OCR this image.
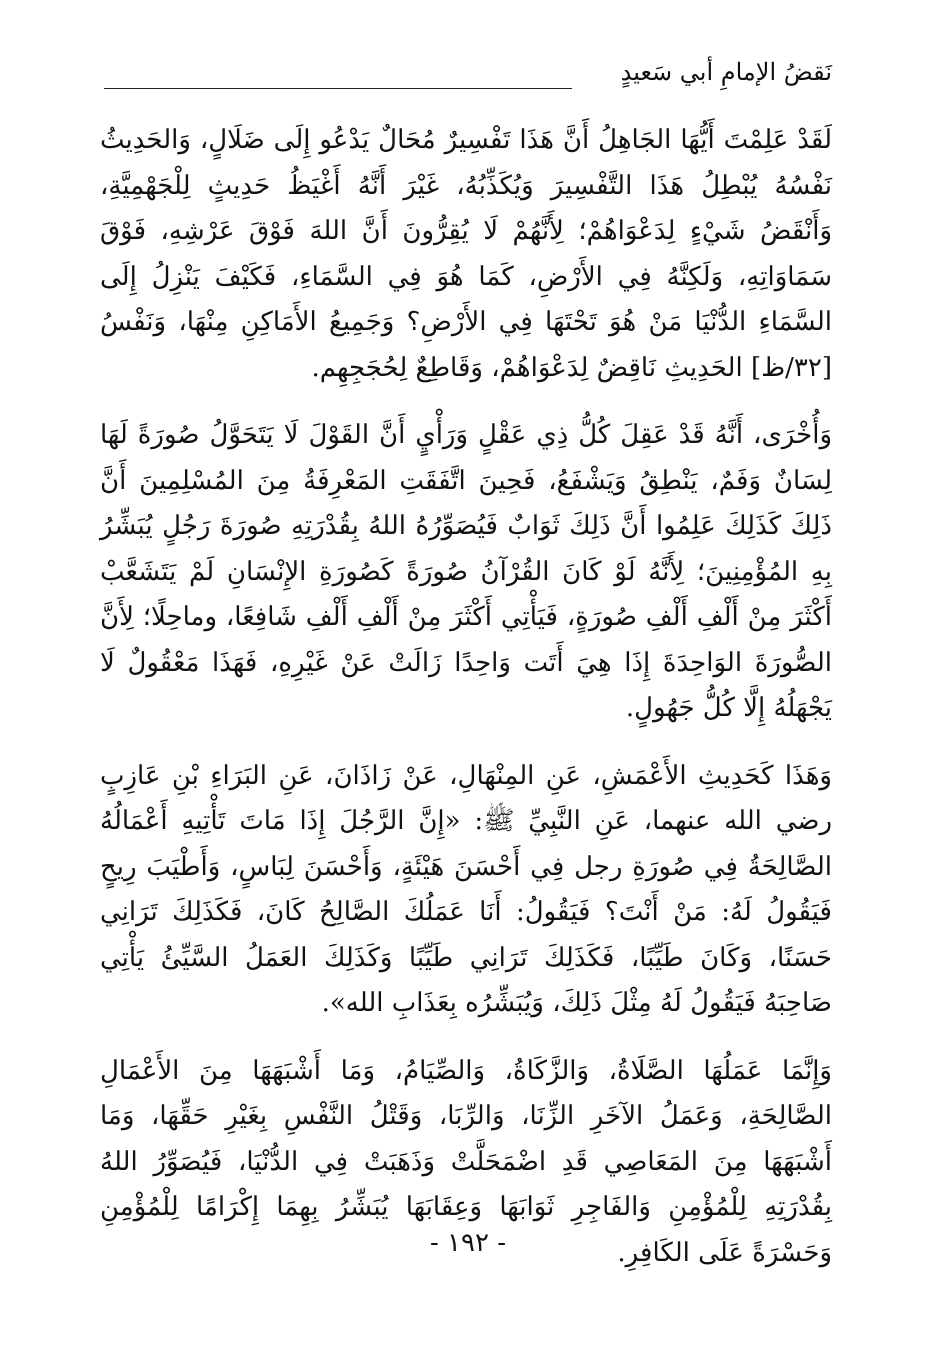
نَقضُ الإمامِ أبي سَعيدٍ

لَقَدْ عَلِمْتَ أَيُّهَا الجَاهِلُ أَنَّ هَذَا تَفْسِيرٌ مُحَالٌ يَدْعُو إِلَى ضَلَالٍ، وَالحَدِيثُ نَفْسُهُ يُبْطِلُ هَذَا التَّفْسِيرَ وَيُكَذِّبُهُ، غَيْرَ أَنَّهُ أَغْيَظُ حَدِيثٍ لِلْجَهْمِيَّةِ، وَأَنْقَضُ شَيْءٍ لِدَعْوَاهُمْ؛ لِأَنَّهُمْ لَا يُقِرُّونَ أَنَّ اللهَ فَوْقَ عَرْشِهِ، فَوْقَ سَمَاوَاتِهِ، وَلَكِنَّهُ فِي الأَرْضِ، كَمَا هُوَ فِي السَّمَاءِ، فَكَيْفَ يَنْزِلُ إِلَى السَّمَاءِ الدُّنْيَا مَنْ هُوَ تَحْتَهَا فِي الأَرْضِ؟ وَجَمِيعُ الأَمَاكِنِ مِنْهَا، وَنَفْسُ [٣٢/ظ] الحَدِيثِ نَاقِضٌ لِدَعْوَاهُمْ، وَقَاطِعٌ لِحُجَجِهِم.

وَأُخْرَى، أَنَّهُ قَدْ عَقِلَ كُلُّ ذِي عَقْلٍ وَرَأْيٍ أَنَّ القَوْلَ لَا يَتَحَوَّلُ صُورَةً لَهَا لِسَانٌ وَفَمٌ، يَنْطِقُ وَيَشْفَعُ، فَحِينَ اتَّفَقَتِ المَعْرِفَةُ مِنَ المُسْلِمِينَ أَنَّ ذَلِكَ كَذَلِكَ عَلِمُوا أَنَّ ذَلِكَ ثَوَابٌ فَيُصَوِّرُهُ اللهُ بِقُدْرَتِهِ صُورَةَ رَجُلٍ يُبَشِّرُ بِهِ المُؤْمِنِينَ؛ لِأَنَّهُ لَوْ كَانَ القُرْآنُ صُورَةً كَصُورَةِ الإِنْسَانِ لَمْ يَتَشَعَّبْ أَكْثَرَ مِنْ أَلْفِ أَلْفِ صُورَةٍ، فَيَأْتِي أَكْثَرَ مِنْ أَلْفِ أَلْفِ شَافِعًا، وماحِلًا؛ لِأَنَّ الصُّورَةَ الوَاحِدَةَ إِذَا هِيَ أَتَت وَاحِدًا زَالَتْ عَنْ غَيْرِهِ، فَهَذَا مَعْقُولٌ لَا يَجْهَلُهُ إِلَّا كُلُّ جَهُولٍ.

وَهَذَا كَحَدِيثِ الأَعْمَشِ، عَنِ المِنْهَالِ، عَنْ زَاذَانَ، عَنِ البَرَاءِ بْنِ عَازِبٍ رضي الله عنهما، عَنِ النَّبِيِّ ﷺ: «إِنَّ الرَّجُلَ إِذَا مَاتَ تَأْتِيهِ أَعْمَالُهُ الصَّالِحَةُ فِي صُورَةِ رجل فِي أَحْسَنَ هَيْئَةٍ، وَأَحْسَنَ لِبَاسٍ، وَأَطْيَبَ رِيحٍ فَيَقُولُ لَهُ: مَنْ أَنْتَ؟ فَيَقُولُ: أَنَا عَمَلُكَ الصَّالِحُ كَانَ، فَكَذَلِكَ تَرَانِي حَسَنًا، وَكَانَ طَيِّبًا، فَكَذَلِكَ تَرَانِي طَيِّبًا وَكَذَلِكَ العَمَلُ السَّيِّئُ يَأْتِي صَاحِبَهُ فَيَقُولُ لَهُ مِثْلَ ذَلِكَ، وَيُبَشِّرُه بِعَذَابِ الله».

وَإِنَّمَا عَمَلُهَا الصَّلَاةُ، وَالزَّكَاةُ، وَالصِّيَامُ، وَمَا أَشْبَهَهَا مِنَ الأَعْمَالِ الصَّالِحَةِ، وَعَمَلُ الآخَرِ الزِّنَا، وَالرِّبَا، وَقَتْلُ النَّفْسِ بِغَيْرِ حَقِّهَا، وَمَا أَشْبَهَهَا مِنَ المَعَاصِي قَدِ اضْمَحَلَّتْ وَذَهَبَتْ فِي الدُّنْيَا، فَيُصَوِّرُ اللهُ بِقُدْرَتِهِ لِلْمُؤْمِنِ وَالفَاجِرِ ثَوَابَهَا وَعِقَابَهَا يُبَشِّرُ بِهِمَا إِكْرَامًا لِلْمُؤْمِنِ وَحَسْرَةً عَلَى الكَافِرِ.

- ١٩٢ -
